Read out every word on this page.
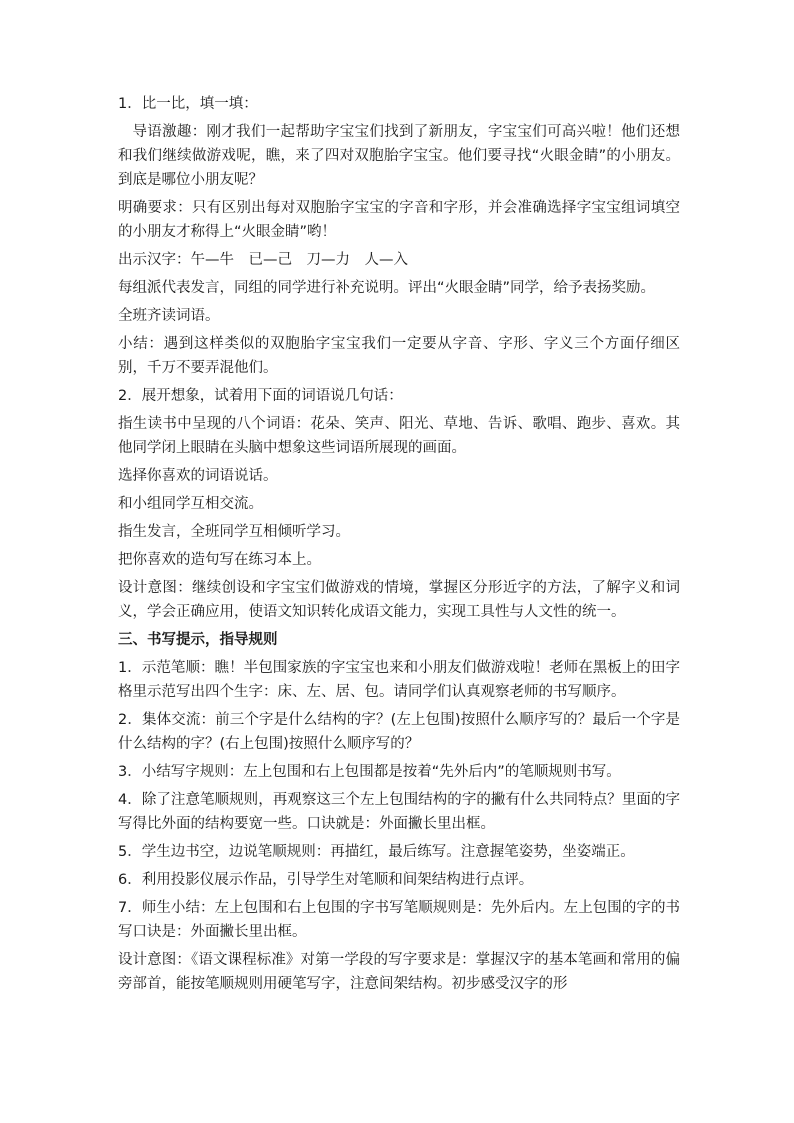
1．比一比，填一填：

导语激趣：刚才我们一起帮助字宝宝们找到了新朋友，字宝宝们可高兴啦！他们还想和我们继续做游戏呢，瞧，来了四对双胞胎字宝宝。他们要寻找“火眼金睛”的小朋友。到底是哪位小朋友呢？

明确要求：只有区别出每对双胞胎字宝宝的字音和字形，并会准确选择字宝宝组词填空的小朋友才称得上“火眼金睛”哟！

出示汉字：午—牛　已—己　刀—力　人—入

每组派代表发言，同组的同学进行补充说明。评出“火眼金睛”同学，给予表扬奖励。

全班齐读词语。

小结：遇到这样类似的双胞胎字宝宝我们一定要从字音、字形、字义三个方面仔细区别，千万不要弄混他们。

2．展开想象，试着用下面的词语说几句话：

指生读书中呈现的八个词语：花朵、笑声、阳光、草地、告诉、歌唱、跑步、喜欢。其他同学闭上眼睛在头脑中想象这些词语所展现的画面。

选择你喜欢的词语说话。

和小组同学互相交流。

指生发言，全班同学互相倾听学习。

把你喜欢的造句写在练习本上。

设计意图：继续创设和字宝宝们做游戏的情境，掌握区分形近字的方法，了解字义和词义，学会正确应用，使语文知识转化成语文能力，实现工具性与人文性的统一。

三、书写提示，指导规则

1．示范笔顺：瞧！半包围家族的字宝宝也来和小朋友们做游戏啦！老师在黑板上的田字格里示范写出四个生字：床、左、居、包。请同学们认真观察老师的书写顺序。

2．集体交流：前三个字是什么结构的字？(左上包围)按照什么顺序写的？最后一个字是什么结构的字？(右上包围)按照什么顺序写的？

3．小结写字规则：左上包围和右上包围都是按着“先外后内”的笔顺规则书写。

4．除了注意笔顺规则，再观察这三个左上包围结构的字的撇有什么共同特点？里面的字写得比外面的结构要宽一些。口诀就是：外面撇长里出框。

5．学生边书空，边说笔顺规则：再描红，最后练写。注意握笔姿势，坐姿端正。

6．利用投影仪展示作品，引导学生对笔顺和间架结构进行点评。

7．师生小结：左上包围和右上包围的字书写笔顺规则是：先外后内。左上包围的字的书写口诀是：外面撇长里出框。

设计意图：《语文课程标准》对第一学段的写字要求是：掌握汉字的基本笔画和常用的偏旁部首，能按笔顺规则用硬笔写字，注意间架结构。初步感受汉字的形
